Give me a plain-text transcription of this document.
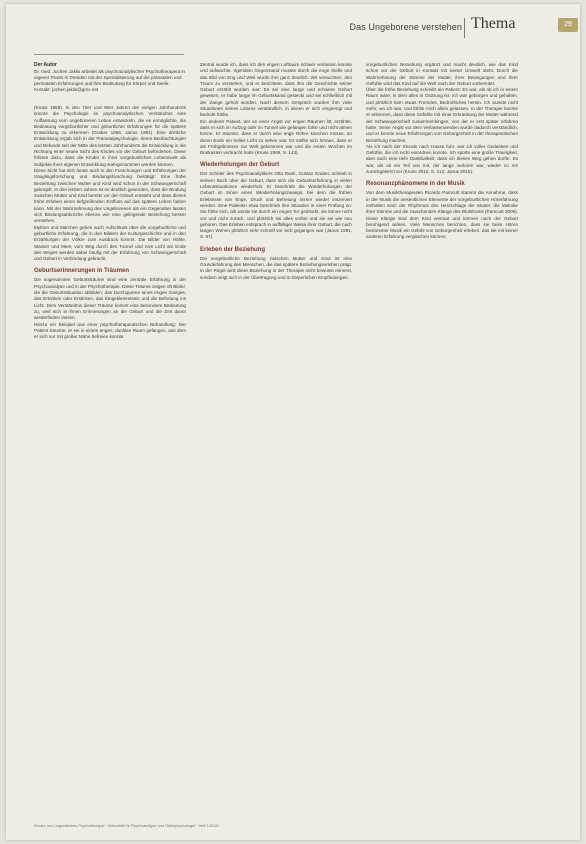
Das Ungeborene verstehen Thema	29
Der Autor
Dr. med. Jochen Jaklis arbeitet als psychoanalytischer Psychotherapeut in eigener Praxis in Dresden mit der Spezialisierung auf die pränatalen und perinatalen Erfahrungen und ihre Bedeutung für Körper und Seele.
Kontakt: jochen.jaklis@gmx.net

(Kruse 1969). In den 70er und 80er Jahren der vorigen Jahrhunderts konnte die Psychologie im psychoanalytischen Verständnis eine Auffassung vom ungeborenen Leben entwickeln, die es ermöglichte, die Bedeutung vorgeburtlicher und geburtlicher Erfahrungen für die spätere Entwicklung zu erkennen (Graber 1966, Janus 1991). Eine ähnliche Entwicklung ergab sich in der Pränatalpsychologie, deren Beobachtungen und Befunde seit der Mitte des letzten Jahrhunderts die Entwicklung in die Richtung einer neuen Sicht des Kindes vor der Geburt beförderten. Diese führten dazu, dass die Kinder in ihrer vorgeburtlichen Lebenswelt als Subjekte ihrer eigenen Entwicklung wahrgenommen werden können.

Diese Sicht hat sich heute auch in den Forschungen und Erfahrungen der Säuglingsforschung und Bindungsforschung bestätigt: Eine frühe Beziehung zwischen Mutter und Kind wird schon in der Schwangerschaft geknüpft. In den letzten Jahren ist es deutlich geworden, dass die Bindung zwischen Mutter und Kind bereits vor der Geburt entsteht und dass dieses frühe Erleben einen tiefgreifenden Einfluss auf das spätere Leben haben kann. Mit der Wahrnehmung des Ungeborenen als ein Gegenüber lassen sich Bindungsabbrüche ebenso wie eine gelingende Beziehung besser verstehen.

Mythen und Märchen geben auch Aufschluss über die vorgeburtliche und geburtliche Erfahrung, die in den Bildern der Kulturgeschichte und in den Erzählungen der Völker zum Ausdruck kommt. Die Bilder von Höhle, Wasser und Meer, vom Weg durch den Tunnel und vom Licht am Ende des Weges werden dabei häufig mit der Erfahrung von Schwangerschaft und Geburt in Verbindung gebracht.

Geburtserinnerungen in Träumen

Die sogenannten Geburtsträume sind eine zentrale Erfahrung in der Psychoanalyse und in der Psychotherapie. Diese Träume zeigen oft Bilder, die die Geburtssituation abbilden: das Durchqueren eines engen Ganges, das Ertrinken oder Ersticken, das Eingeklemmtsein und die Befreiung ins Licht. Dem Verständnis dieser Träume kommt eine besondere Bedeutung zu, weil sich in ihnen Erinnerungen an die Geburt und die Zeit davor wiederfinden lassen.

Hierzu ein Beispiel aus einer psychotherapeutischen Behandlung: Der Patient träumte, er sei in einem engen, dunklen Raum gefangen, aus dem er sich nur mit großer Mühe befreien konnte.

Zentral wurde ich, dass ich den engen Luftraum schwer verlassen konnte und aufwachte. Irgendein Gegenstand musste durch die enge Stelle und das Bild von Eng und Weit wurde ihm ganz deutlich. Wir versuchten, den Traum zu verstehen, und er berichtete, dass ihm die Geschichte seiner Geburt erzählt worden war: Es sei eine lange und schwere Geburt gewesen, er habe lange im Geburtskanal gesteckt und sei schließlich mit der Zange geholt worden. Nach diesem Gespräch wurden ihm viele Situationen seines Lebens verständlich, in denen er sich eingeengt und bedroht fühlte.

Ein anderer Patient, der an einer Angst vor engen Räumen litt, erzählte, dass er sich im Aufzug oder im Tunnel wie gefangen fühle und nicht atmen könne. Er träumte, dass er durch eine enge Röhre kriechen müsse, an deren Ende ein helles Licht zu sehen war. Es stellte sich heraus, dass er als Frühgeborener zur Welt gekommen war und die ersten Wochen im Brutkasten verbracht hatte (Kruse 1969, S. 143).

Wiederholungen der Geburt

Der Schüler des Psychoanalytikers Otto Rank, Gustav Graber, schrieb in seinem Buch über die Geburt, dass sich die Geburtserfahrung in vielen Lebenssituationen wiederholt. Er beschrieb die Wiederholungen der Geburt im Sinne eines Wiederholungszwangs, bei dem die frühen Erlebnisse von Enge, Druck und Befreiung immer wieder inszeniert werden. Eine Patientin etwa beschrieb ihre Situation in einer Prüfung so: Sie fühle sich, als würde sie durch ein enges Tor gedrückt, sie könne nicht vor und nicht zurück, und plötzlich sei alles vorbei und sie sei wie neu geboren. Das Erleben entsprach in auffälliger Weise ihrer Geburt, die nach langen Wehen plötzlich sehr schnell vor sich gegangen war (Janus 1991, S. 87).

Erleben der Beziehung

Die vorgeburtliche Beziehung zwischen Mutter und Kind ist eine Grunderfahrung des Menschen, die das spätere Beziehungserleben prägt. In der Regel wird diese Beziehung in der Therapie nicht bewusst erinnert, sondern zeigt sich in der Übertragung und in körperlichen Empfindungen.

vorgeburtlichen Beziehung ergänzt und macht deutlich, wie das Kind schon vor der Geburt in Kontakt mit seiner Umwelt steht. Durch die Wahrnehmung der Stimme der Mutter, ihrer Bewegungen und ihrer Gefühle wird das Kind auf die Welt nach der Geburt vorbereitet.

Über die frühe Beziehung schreibt ein Patient: Es war, als ob ich in einem Raum wäre, in dem alles in Ordnung ist. Ich war geborgen und gehalten, und plötzlich kam etwas Fremdes, Bedrohliches herein. Ich wusste nicht mehr, wo ich war, und fühlte mich allein gelassen. In der Therapie konnte er erkennen, dass diese Gefühle mit einer Erkrankung der Mutter während der Schwangerschaft zusammenhingen, von der er erst später erfahren hatte. Seine Angst vor dem Verlassenwerden wurde dadurch verständlich, und er konnte neue Erfahrungen von Geborgenheit in der therapeutischen Beziehung machen.

Als ich nach der Stunde nach Hause fuhr, war ich voller Gedanken und Gefühle, die ich nicht einordnen konnte. Ich spürte eine große Traurigkeit, aber auch eine tiefe Dankbarkeit, dass ich diesen Weg gehen durfte. Es war, als ob ein Teil von mir, der lange verloren war, wieder zu mir zurückgekehrt sei (Kruse 2010, S. 212; Janus 2015).

Resonanzphänomene in der Musik

Von dem Musiktherapeuten Ricardo Parncutt stammt die Annahme, dass in der Musik die wesentlichen Elemente der vorgeburtlichen Hörerfahrung enthalten sind: der Rhythmus des Herzschlags der Mutter, die Melodie ihrer Stimme und die rauschenden Klänge des Blutstroms (Parncutt 2009). Diese Klänge sind dem Kind vertraut und können nach der Geburt beruhigend wirken. Viele Menschen berichten, dass sie beim Hören bestimmter Musik ein Gefühl von Geborgenheit erleben, das sie mit keiner anderen Erfahrung vergleichen können.

Kinder- und Jugendlichen-Psychotherapie · Zeitschrift für Psychoanalyse und Tiefenpsychologie · Heft 1/2019
